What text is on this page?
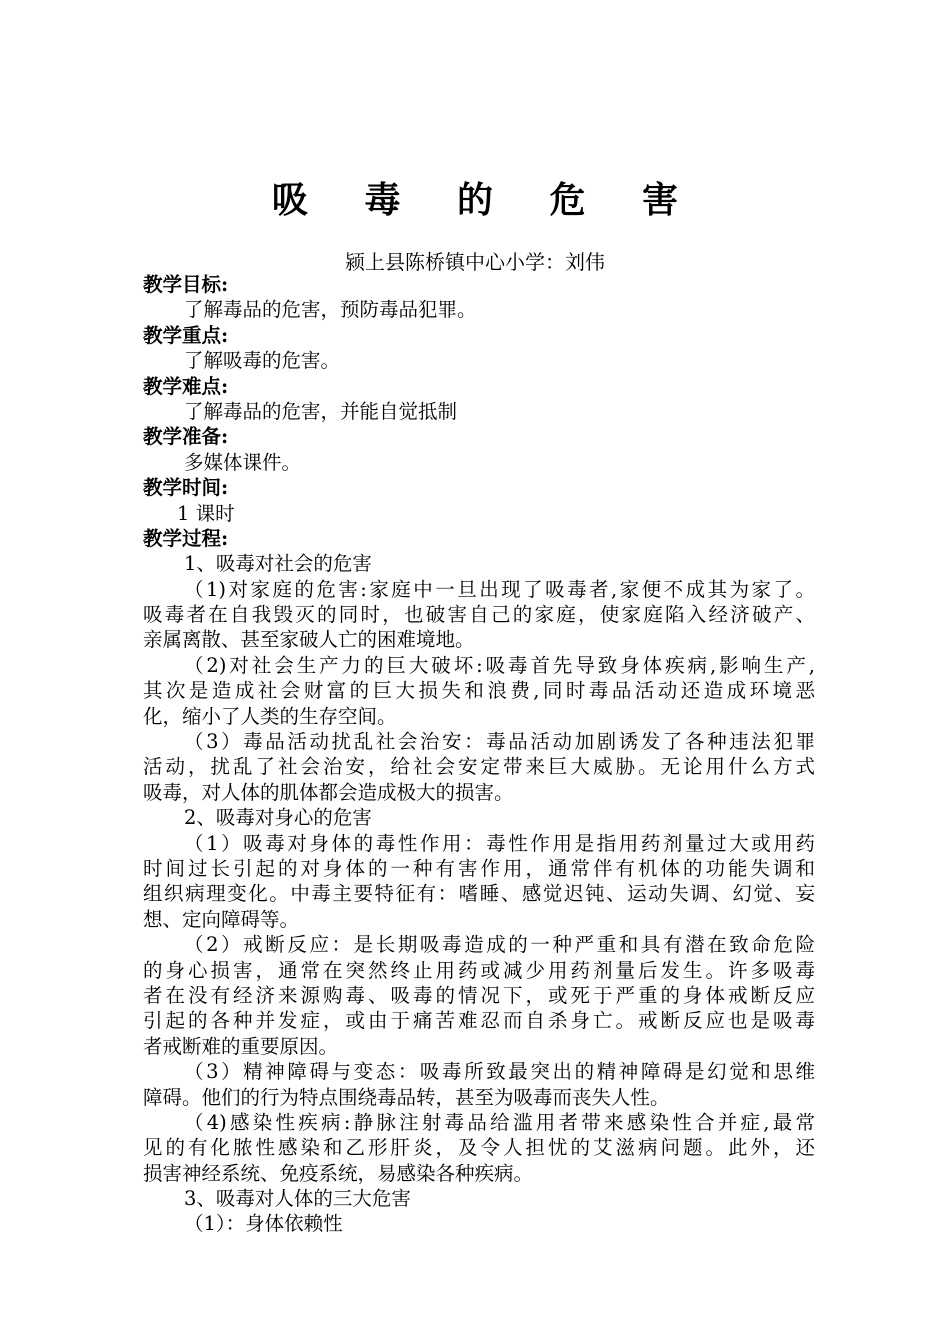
吸 毒 的 危 害
颍上县陈桥镇中心小学：刘伟
教学目标:
了解毒品的危害，预防毒品犯罪。
教学重点:
了解吸毒的危害。
教学难点:
了解毒品的危害，并能自觉抵制
教学准备:
多媒体课件。
教学时间:
1 课时
教学过程:
1、吸毒对社会的危害
（1)对家庭的危害:家庭中一旦出现了吸毒者,家便不成其为家了。
吸毒者在自我毁灭的同时，也破害自己的家庭，使家庭陷入经济破产、
亲属离散、甚至家破人亡的困难境地。
（2)对社会生产力的巨大破坏:吸毒首先导致身体疾病,影响生产,
其次是造成社会财富的巨大损失和浪费,同时毒品活动还造成环境恶
化，缩小了人类的生存空间。
（3）毒品活动扰乱社会治安：毒品活动加剧诱发了各种违法犯罪
活动，扰乱了社会治安，给社会安定带来巨大威胁。无论用什么方式
吸毒，对人体的肌体都会造成极大的损害。
2、吸毒对身心的危害
（1）吸毒对身体的毒性作用：毒性作用是指用药剂量过大或用药
时间过长引起的对身体的一种有害作用，通常伴有机体的功能失调和
组织病理变化。中毒主要特征有：嗜睡、感觉迟钝、运动失调、幻觉、妄
想、定向障碍等。
（2）戒断反应：是长期吸毒造成的一种严重和具有潜在致命危险
的身心损害，通常在突然终止用药或减少用药剂量后发生。许多吸毒
者在没有经济来源购毒、吸毒的情况下，或死于严重的身体戒断反应
引起的各种并发症，或由于痛苦难忍而自杀身亡。戒断反应也是吸毒
者戒断难的重要原因。
（3）精神障碍与变态：吸毒所致最突出的精神障碍是幻觉和思维
障碍。他们的行为特点围绕毒品转，甚至为吸毒而丧失人性。
（4)感染性疾病:静脉注射毒品给滥用者带来感染性合并症,最常
见的有化脓性感染和乙形肝炎，及令人担忧的艾滋病问题。此外，还
损害神经系统、免疫系统，易感染各种疾病。
3、吸毒对人体的三大危害
（1）：身体依赖性
